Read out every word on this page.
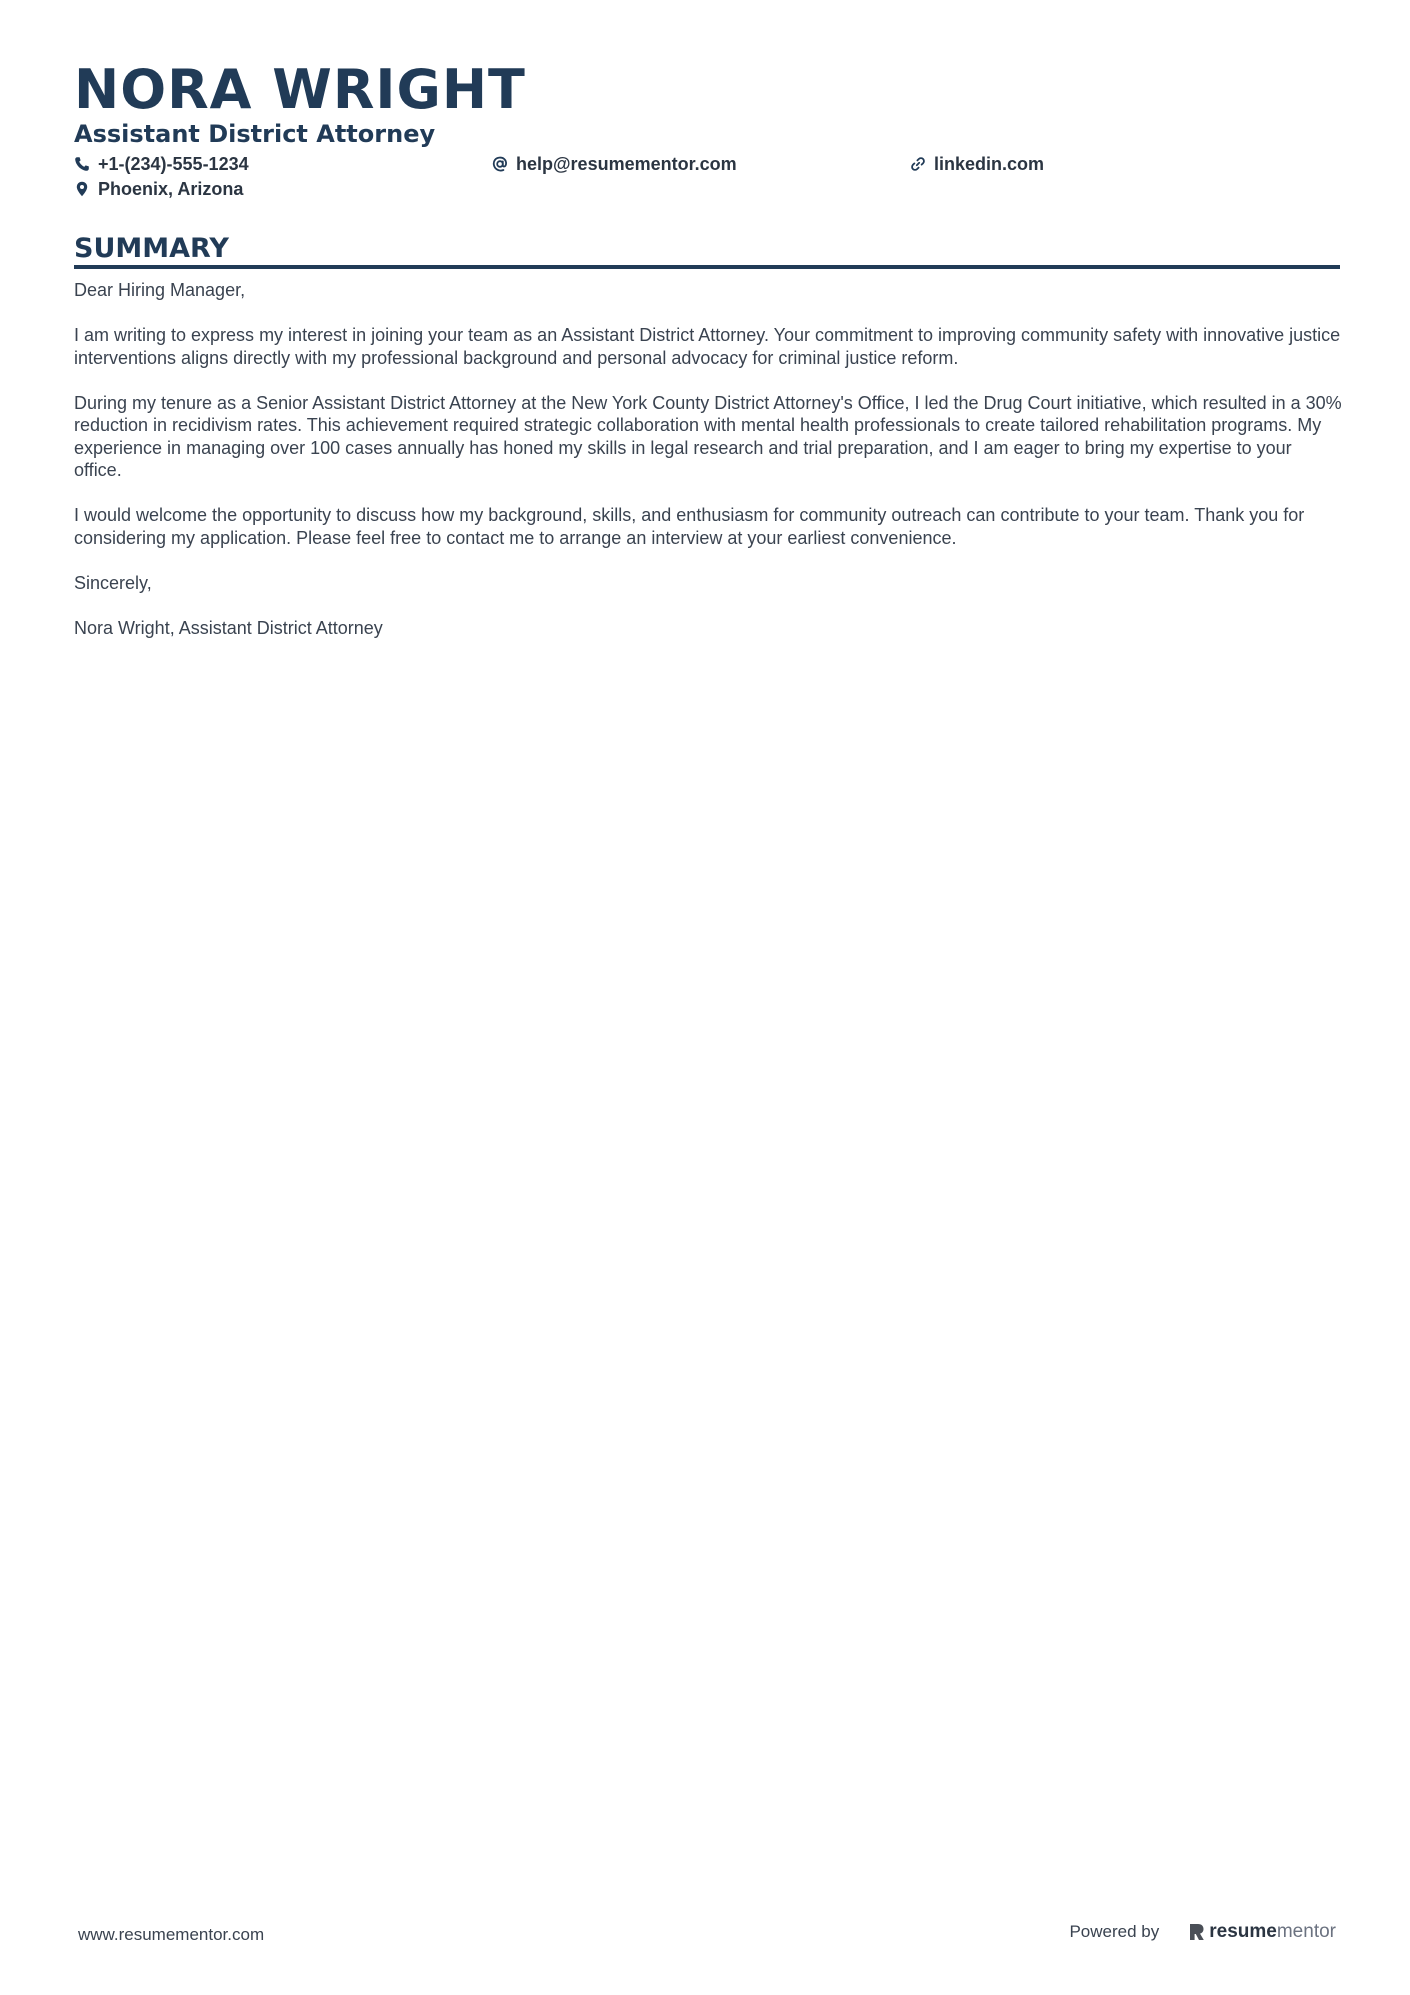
NORA WRIGHT
Assistant District Attorney
+1-(234)-555-1234	help@resumementor.com	linkedin.com
Phoenix, Arizona
SUMMARY

Dear Hiring Manager,

I am writing to express my interest in joining your team as an Assistant District Attorney. Your commitment to improving community safety with innovative justice interventions aligns directly with my professional background and personal advocacy for criminal justice reform.

During my tenure as a Senior Assistant District Attorney at the New York County District Attorney's Office, I led the Drug Court initiative, which resulted in a 30% reduction in recidivism rates. This achievement required strategic collaboration with mental health professionals to create tailored rehabilitation programs. My experience in managing over 100 cases annually has honed my skills in legal research and trial preparation, and I am eager to bring my expertise to your office.

I would welcome the opportunity to discuss how my background, skills, and enthusiasm for community outreach can contribute to your team. Thank you for considering my application. Please feel free to contact me to arrange an interview at your earliest convenience.

Sincerely,

Nora Wright, Assistant District Attorney

www.resumementor.com	Powered by	resume mentor
